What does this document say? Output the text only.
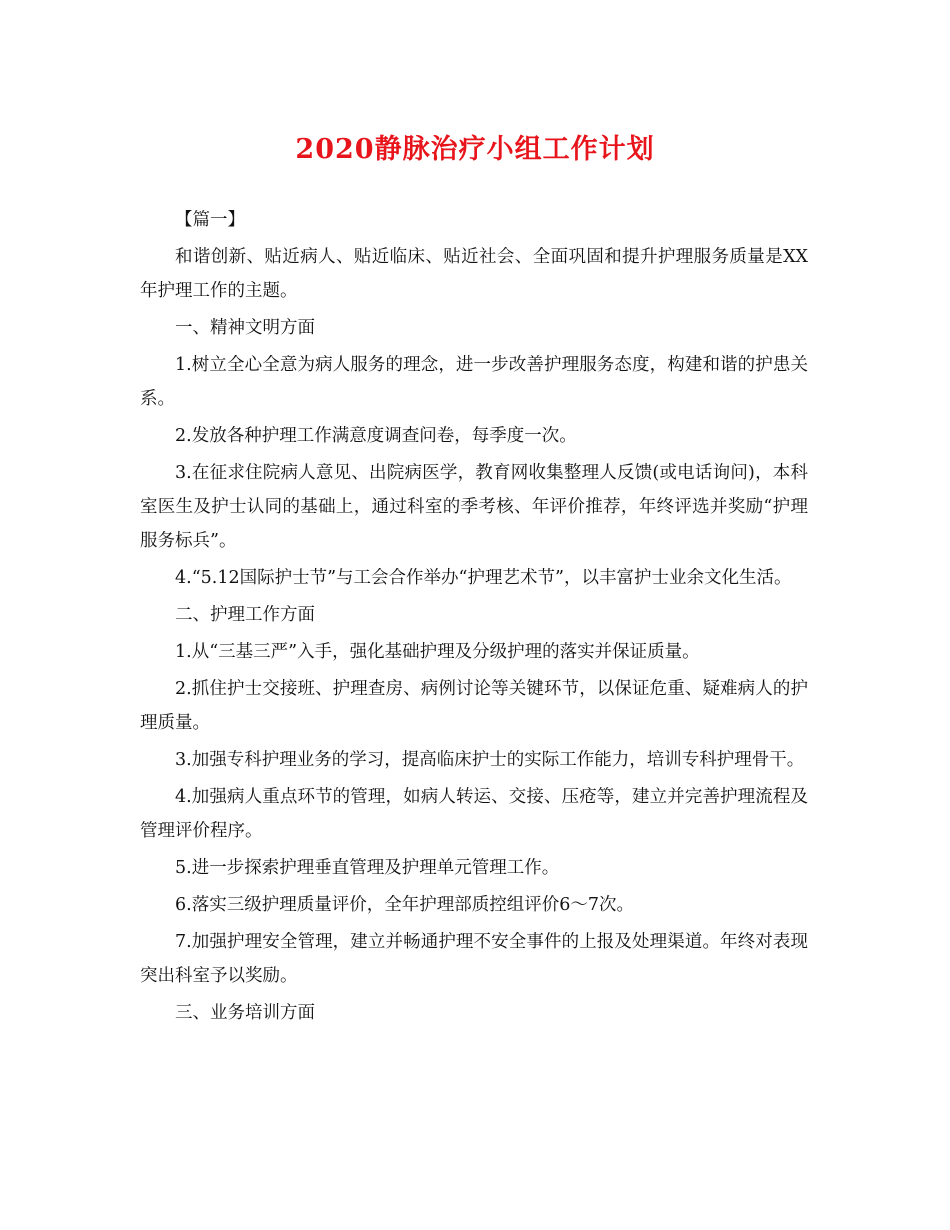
2020静脉治疗小组工作计划

【篇一】

和谐创新、贴近病人、贴近临床、贴近社会、全面巩固和提升护理服务质量是XX年护理工作的主题。

一、精神文明方面

1.树立全心全意为病人服务的理念，进一步改善护理服务态度，构建和谐的护患关系。

2.发放各种护理工作满意度调查问卷，每季度一次。

3.在征求住院病人意见、出院病医学，教育网收集整理人反馈(或电话询问)，本科室医生及护士认同的基础上，通过科室的季考核、年评价推荐，年终评选并奖励“护理服务标兵”。

4.“5.12国际护士节”与工会合作举办“护理艺术节”，以丰富护士业余文化生活。

二、护理工作方面

1.从“三基三严”入手，强化基础护理及分级护理的落实并保证质量。

2.抓住护士交接班、护理查房、病例讨论等关键环节，以保证危重、疑难病人的护理质量。

3.加强专科护理业务的学习，提高临床护士的实际工作能力，培训专科护理骨干。

4.加强病人重点环节的管理，如病人转运、交接、压疮等，建立并完善护理流程及管理评价程序。

5.进一步探索护理垂直管理及护理单元管理工作。

6.落实三级护理质量评价，全年护理部质控组评价6～7次。

7.加强护理安全管理，建立并畅通护理不安全事件的上报及处理渠道。年终对表现突出科室予以奖励。

三、业务培训方面
